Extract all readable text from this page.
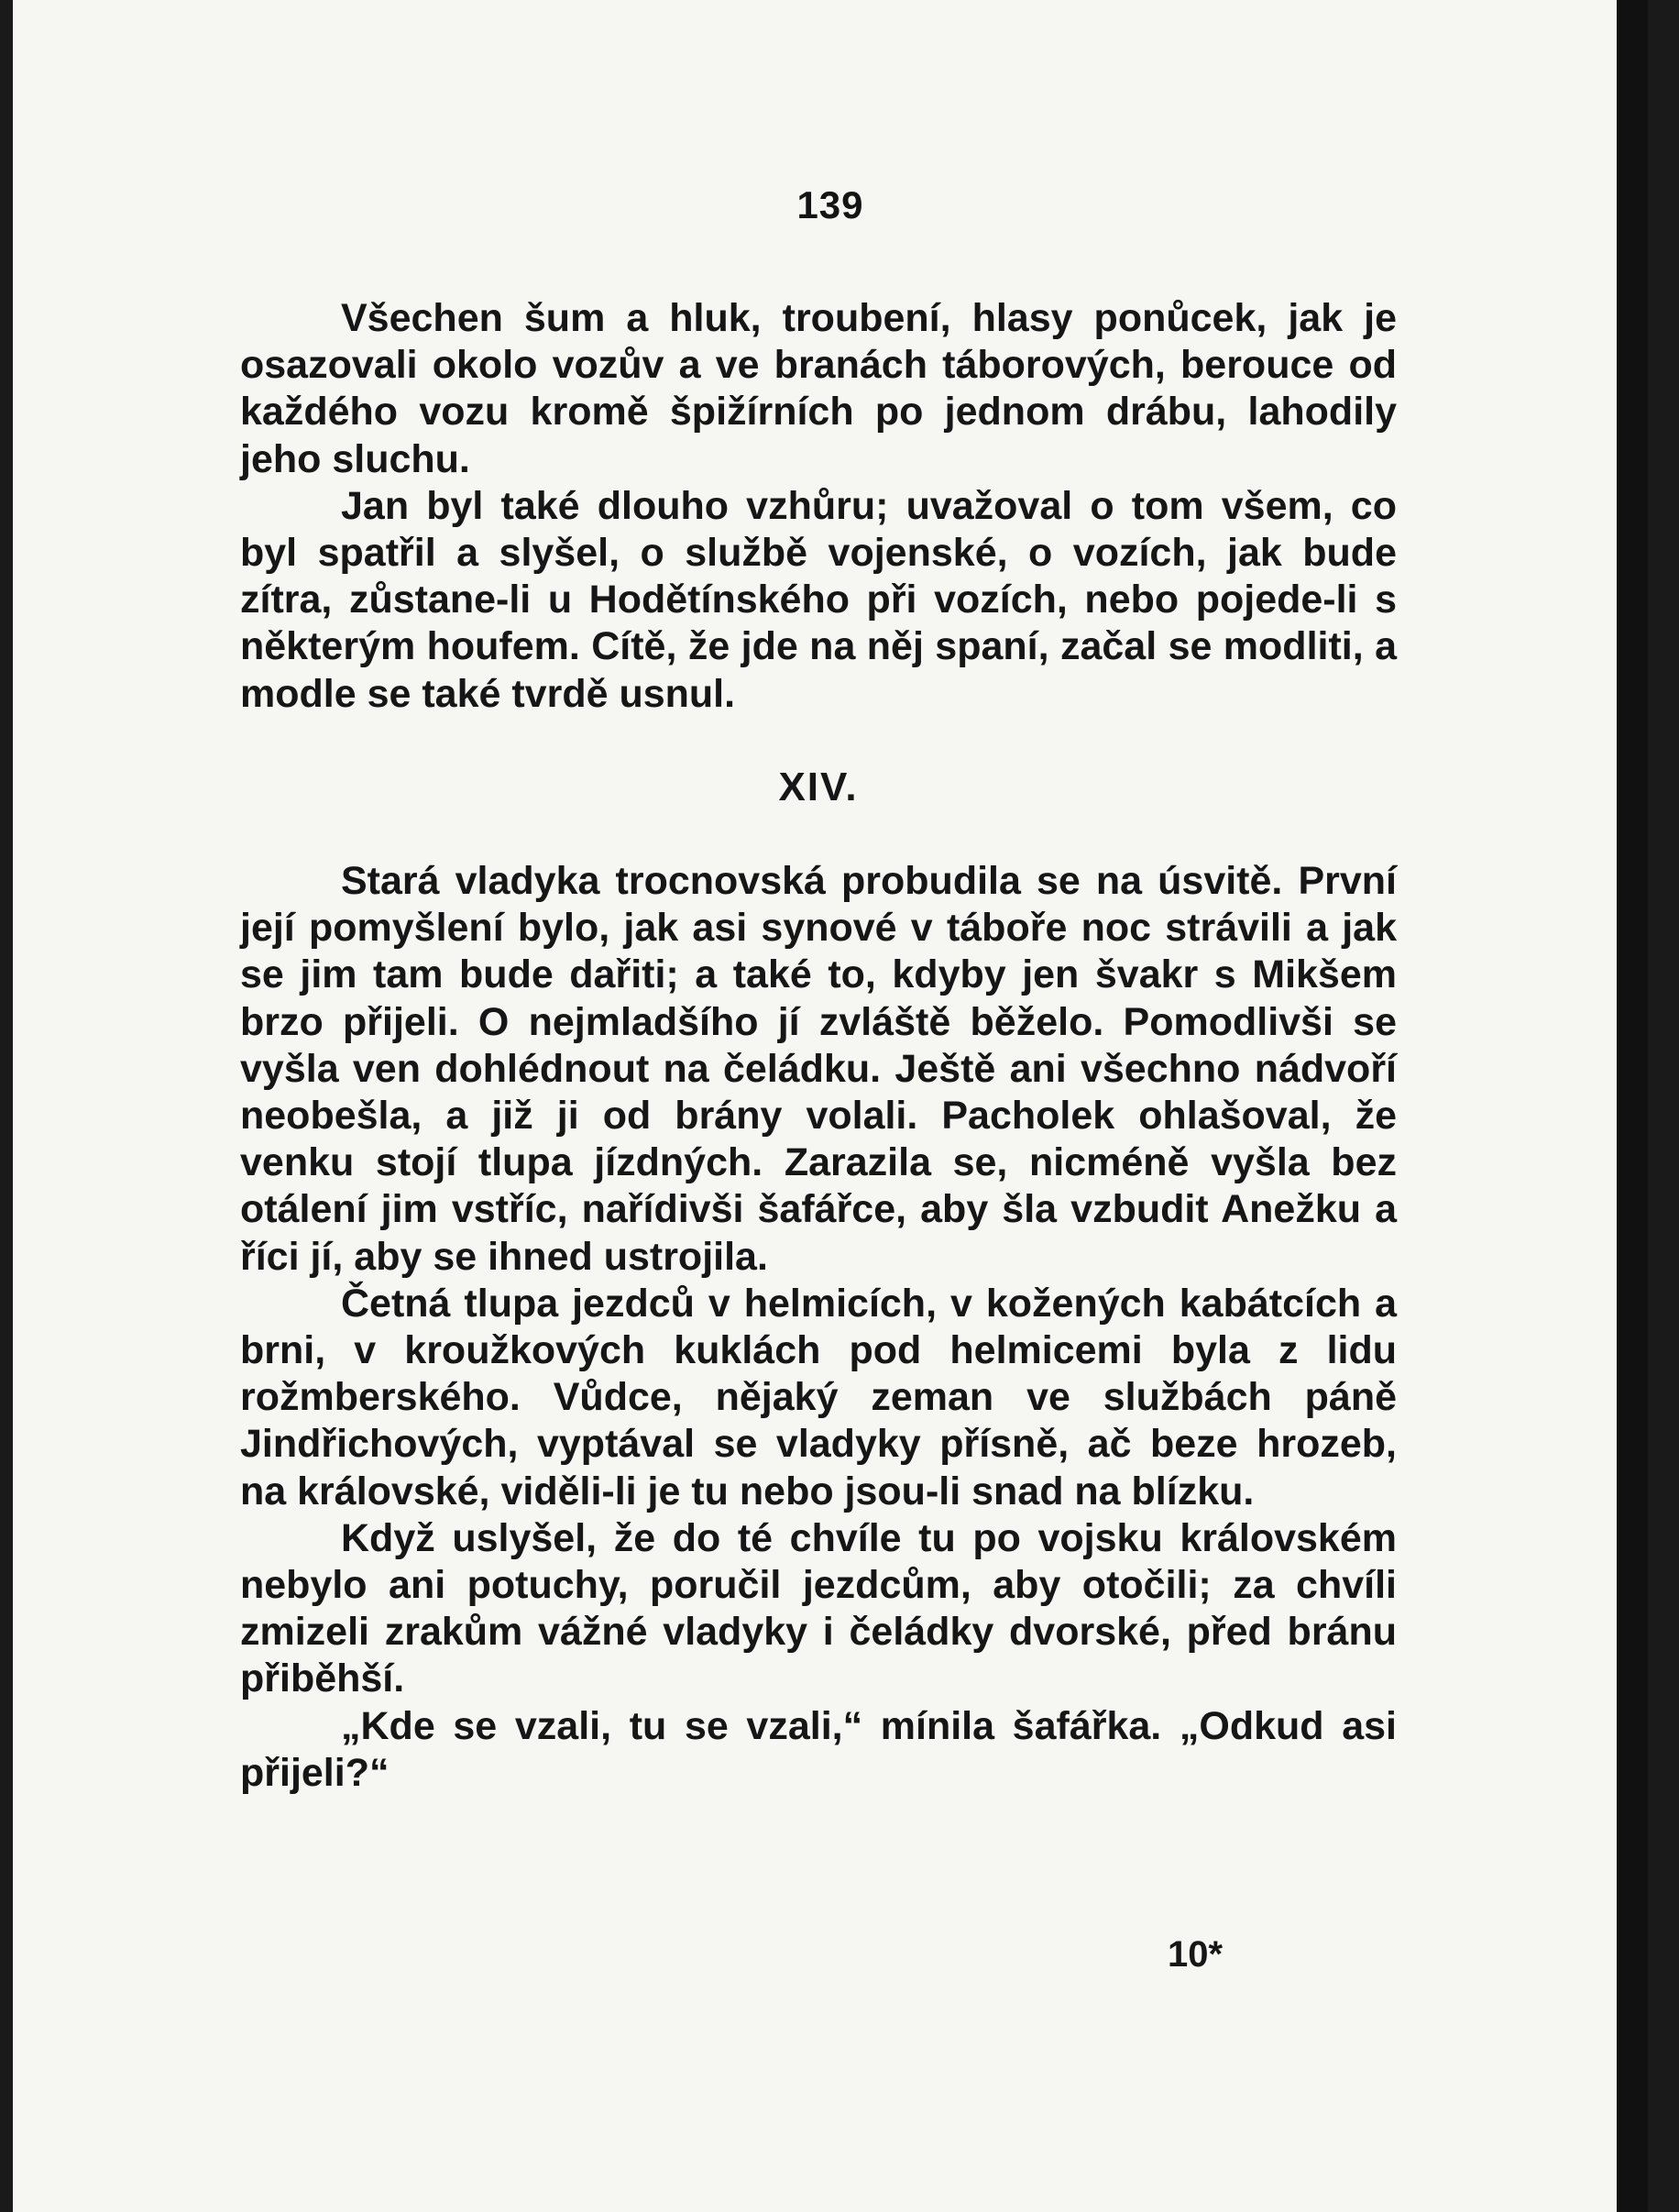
139

Všechen šum a hluk, troubení, hlasy ponůcek, jak je osazovali okolo vozův a ve branách táborových, berouce od každého vozu kromě špižírních po jednom drábu, lahodily jeho sluchu.

Jan byl také dlouho vzhůru; uvažoval o tom všem, co byl spatřil a slyšel, o službě vojenské, o vozích, jak bude zítra, zůstane-li u Hodětínského při vozích, nebo pojede-li s některým houfem. Cítě, že jde na něj spaní, začal se modliti, a modle se také tvrdě usnul.

XIV.

Stará vladyka trocnovská probudila se na úsvitě. První její pomyšlení bylo, jak asi synové v táboře noc strávili a jak se jim tam bude dařiti; a také to, kdyby jen švakr s Mikšem brzo přijeli. O nejmladšího jí zvláště běželo. Pomodlivši se vyšla ven dohlédnout na čeládku. Ještě ani všechno nádvoří neobešla, a již ji od brány volali. Pacholek ohlašoval, že venku stojí tlupa jízdných. Zarazila se, nicméně vyšla bez otálení jim vstříc, nařídivši šafářce, aby šla vzbudit Anežku a říci jí, aby se ihned ustrojila.

Četná tlupa jezdců v helmicích, v kožených kabátcích a brni, v kroužkových kuklách pod helmicemi byla z lidu rožmberského. Vůdce, nějaký zeman ve službách páně Jindřichových, vyptával se vladyky přísně, ač beze hrozeb, na královské, viděli-li je tu nebo jsou-li snad na blízku.

Když uslyšel, že do té chvíle tu po vojsku královském nebylo ani potuchy, poručil jezdcům, aby otočili; za chvíli zmizeli zrakům vážné vladyky i čeládky dvorské, před bránu přiběhší.

„Kde se vzali, tu se vzali,“ mínila šafářka. „Odkud asi přijeli?“

10*
